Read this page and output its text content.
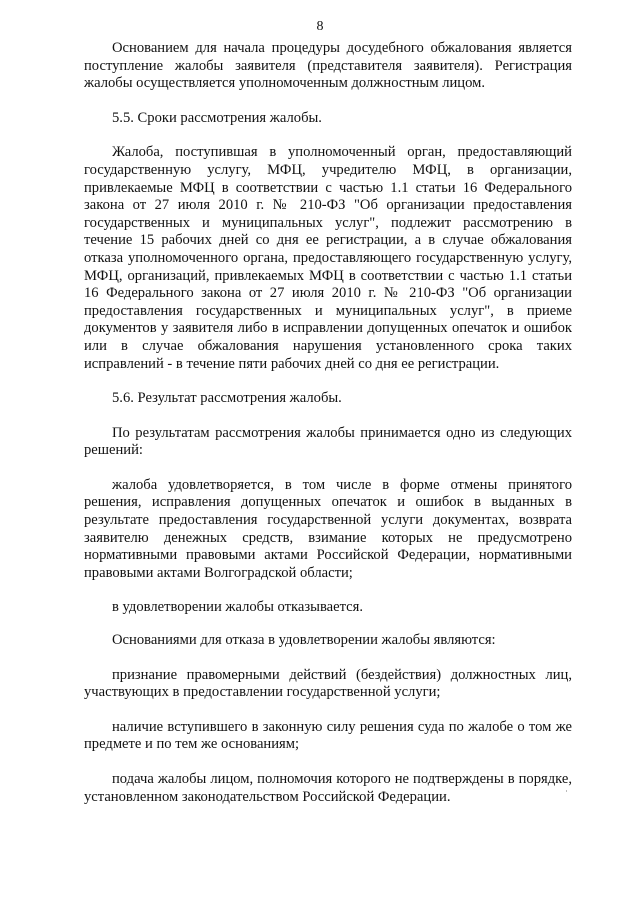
8

Основанием для начала процедуры досудебного обжалования является поступление жалобы заявителя (представителя заявителя). Регистрация жалобы осуществляется уполномоченным должностным лицом.

5.5. Сроки рассмотрения жалобы.

Жалоба, поступившая в уполномоченный орган, предоставляющий государственную услугу, МФЦ, учредителю МФЦ, в организации, привлекаемые МФЦ в соответствии с частью 1.1 статьи 16 Федерального закона от 27 июля 2010 г. № 210-ФЗ "Об организации предоставления государственных и муниципальных услуг", подлежит рассмотрению в течение 15 рабочих дней со дня ее регистрации, а в случае обжалования отказа уполномоченного органа, предоставляющего государственную услугу, МФЦ, организаций, привлекаемых МФЦ в соответствии с частью 1.1 статьи 16 Федерального закона от 27 июля 2010 г. № 210-ФЗ "Об организации предоставления государственных и муниципальных услуг", в приеме документов у заявителя либо в исправлении допущенных опечаток и ошибок или в случае обжалования нарушения установленного срока таких исправлений - в течение пяти рабочих дней со дня ее регистрации.

5.6. Результат рассмотрения жалобы.

По результатам рассмотрения жалобы принимается одно из следующих решений:

жалоба удовлетворяется, в том числе в форме отмены принятого решения, исправления допущенных опечаток и ошибок в выданных в результате предоставления государственной услуги документах, возврата заявителю денежных средств, взимание которых не предусмотрено нормативными правовыми актами Российской Федерации, нормативными правовыми актами Волгоградской области;

в удовлетворении жалобы отказывается.

Основаниями для отказа в удовлетворении жалобы являются:

признание правомерными действий (бездействия) должностных лиц, участвующих в предоставлении государственной услуги;

наличие вступившего в законную силу решения суда по жалобе о том же предмете и по тем же основаниям;

подача жалобы лицом, полномочия которого не подтверждены в порядке, установленном законодательством Российской Федерации.
